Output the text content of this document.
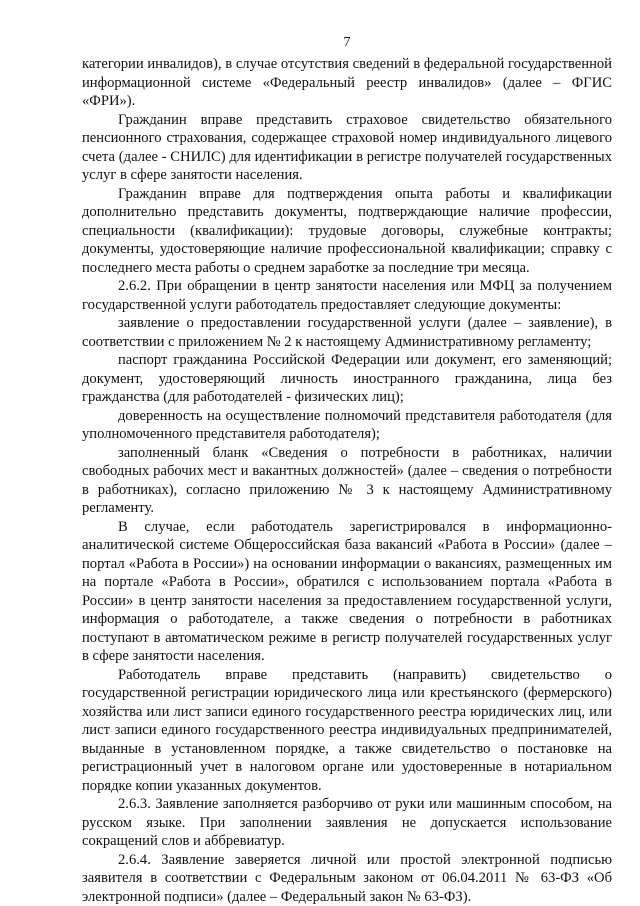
7

категории инвалидов), в случае отсутствия сведений в федеральной государственной информационной системе «Федеральный реестр инвалидов» (далее – ФГИС «ФРИ»).

Гражданин вправе представить страховое свидетельство обязательного пенсионного страхования, содержащее страховой номер индивидуального лицевого счета (далее - СНИЛС) для идентификации в регистре получателей государственных услуг в сфере занятости населения.

Гражданин вправе для подтверждения опыта работы и квалификации дополнительно представить документы, подтверждающие наличие профессии, специальности (квалификации): трудовые договоры, служебные контракты; документы, удостоверяющие наличие профессиональной квалификации; справку с последнего места работы о среднем заработке за последние три месяца.

2.6.2. При обращении в центр занятости населения или МФЦ за получением государственной услуги работодатель предоставляет следующие документы:

заявление о предоставлении государственной услуги (далее – заявление), в соответствии с приложением № 2 к настоящему Административному регламенту;

паспорт гражданина Российской Федерации или документ, его заменяющий; документ, удостоверяющий личность иностранного гражданина, лица без гражданства (для работодателей - физических лиц);

доверенность на осуществление полномочий представителя работодателя (для уполномоченного представителя работодателя);

заполненный бланк «Сведения о потребности в работниках, наличии свободных рабочих мест и вакантных должностей» (далее – сведения о потребности в работниках), согласно приложению № 3 к настоящему Административному регламенту.

В случае, если работодатель зарегистрировался в информационно-аналитической системе Общероссийская база вакансий «Работа в России» (далее – портал «Работа в России») на основании информации о вакансиях, размещенных им на портале «Работа в России», обратился с использованием портала «Работа в России» в центр занятости населения за предоставлением государственной услуги, информация о работодателе, а также сведения о потребности в работниках поступают в автоматическом режиме в регистр получателей государственных услуг в сфере занятости населения.

Работодатель вправе представить (направить) свидетельство о государственной регистрации юридического лица или крестьянского (фермерского) хозяйства или лист записи единого государственного реестра юридических лиц, или лист записи единого государственного реестра индивидуальных предпринимателей, выданные в установленном порядке, а также свидетельство о постановке на регистрационный учет в налоговом органе или удостоверенные в нотариальном порядке копии указанных документов.

2.6.3. Заявление заполняется разборчиво от руки или машинным способом, на русском языке. При заполнении заявления не допускается использование сокращений слов и аббревиатур.

2.6.4. Заявление заверяется личной или простой электронной подписью заявителя в соответствии с Федеральным законом от 06.04.2011 № 63-ФЗ «Об электронной подписи» (далее – Федеральный закон № 63-ФЗ).
